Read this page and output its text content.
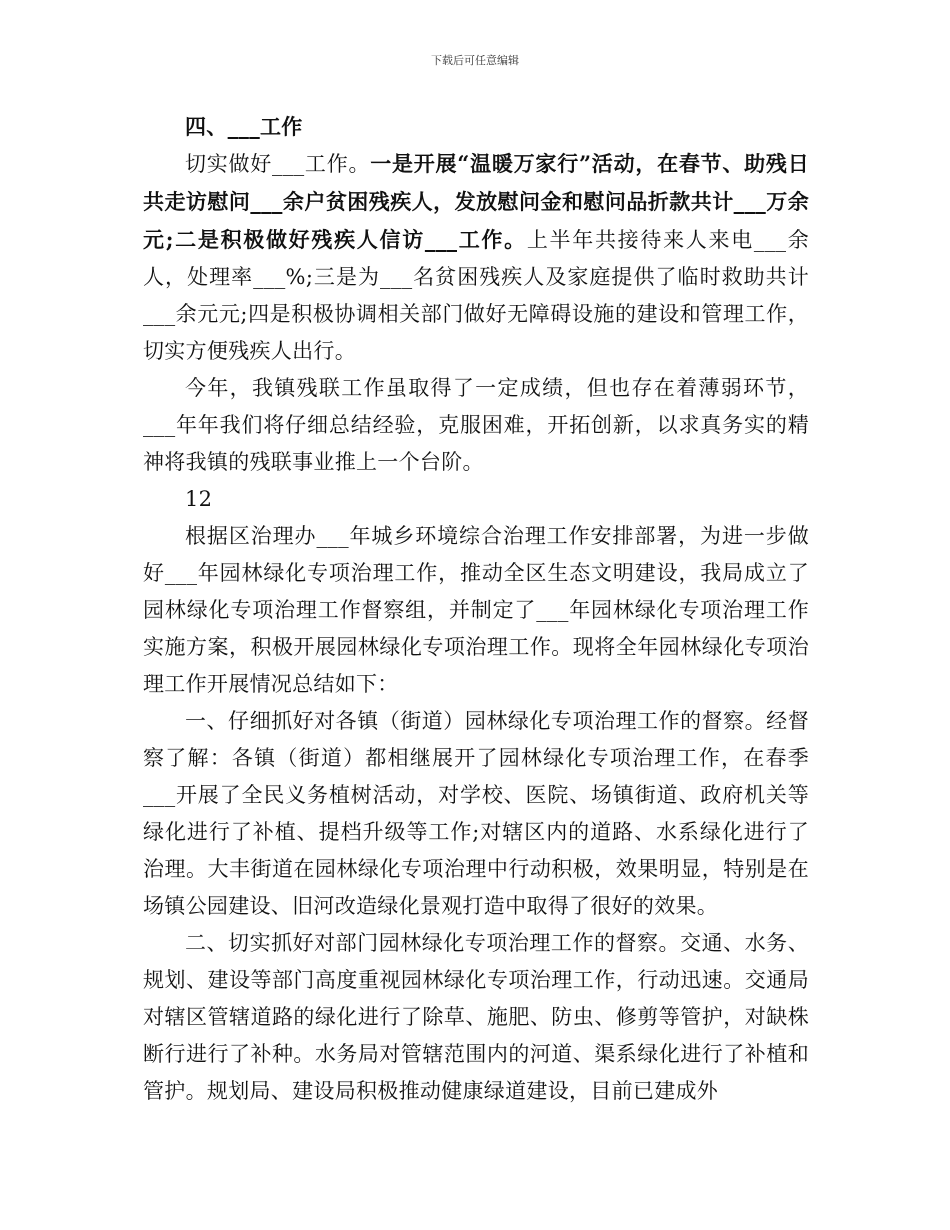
下载后可任意编辑

四、___工作

切实做好___工作。一是开展“温暖万家行”活动，在春节、助残日共走访慰问___余户贫困残疾人，发放慰问金和慰问品折款共计___万余元;二是积极做好残疾人信访___工作。上半年共接待来人来电___余人，处理率___%;三是为___名贫困残疾人及家庭提供了临时救助共计___余元元;四是积极协调相关部门做好无障碍设施的建设和管理工作，切实方便残疾人出行。

今年，我镇残联工作虽取得了一定成绩，但也存在着薄弱环节，___年年我们将仔细总结经验，克服困难，开拓创新，以求真务实的精神将我镇的残联事业推上一个台阶。

12

根据区治理办___年城乡环境综合治理工作安排部署，为进一步做好___年园林绿化专项治理工作，推动全区生态文明建设，我局成立了园林绿化专项治理工作督察组，并制定了___年园林绿化专项治理工作实施方案，积极开展园林绿化专项治理工作。现将全年园林绿化专项治理工作开展情况总结如下：

一、仔细抓好对各镇（街道）园林绿化专项治理工作的督察。经督察了解：各镇（街道）都相继展开了园林绿化专项治理工作，在春季___开展了全民义务植树活动，对学校、医院、场镇街道、政府机关等绿化进行了补植、提档升级等工作;对辖区内的道路、水系绿化进行了治理。大丰街道在园林绿化专项治理中行动积极，效果明显，特别是在场镇公园建设、旧河改造绿化景观打造中取得了很好的效果。

二、切实抓好对部门园林绿化专项治理工作的督察。交通、水务、规划、建设等部门高度重视园林绿化专项治理工作，行动迅速。交通局对辖区管辖道路的绿化进行了除草、施肥、防虫、修剪等管护，对缺株断行进行了补种。水务局对管辖范围内的河道、渠系绿化进行了补植和管护。规划局、建设局积极推动健康绿道建设，目前已建成外
